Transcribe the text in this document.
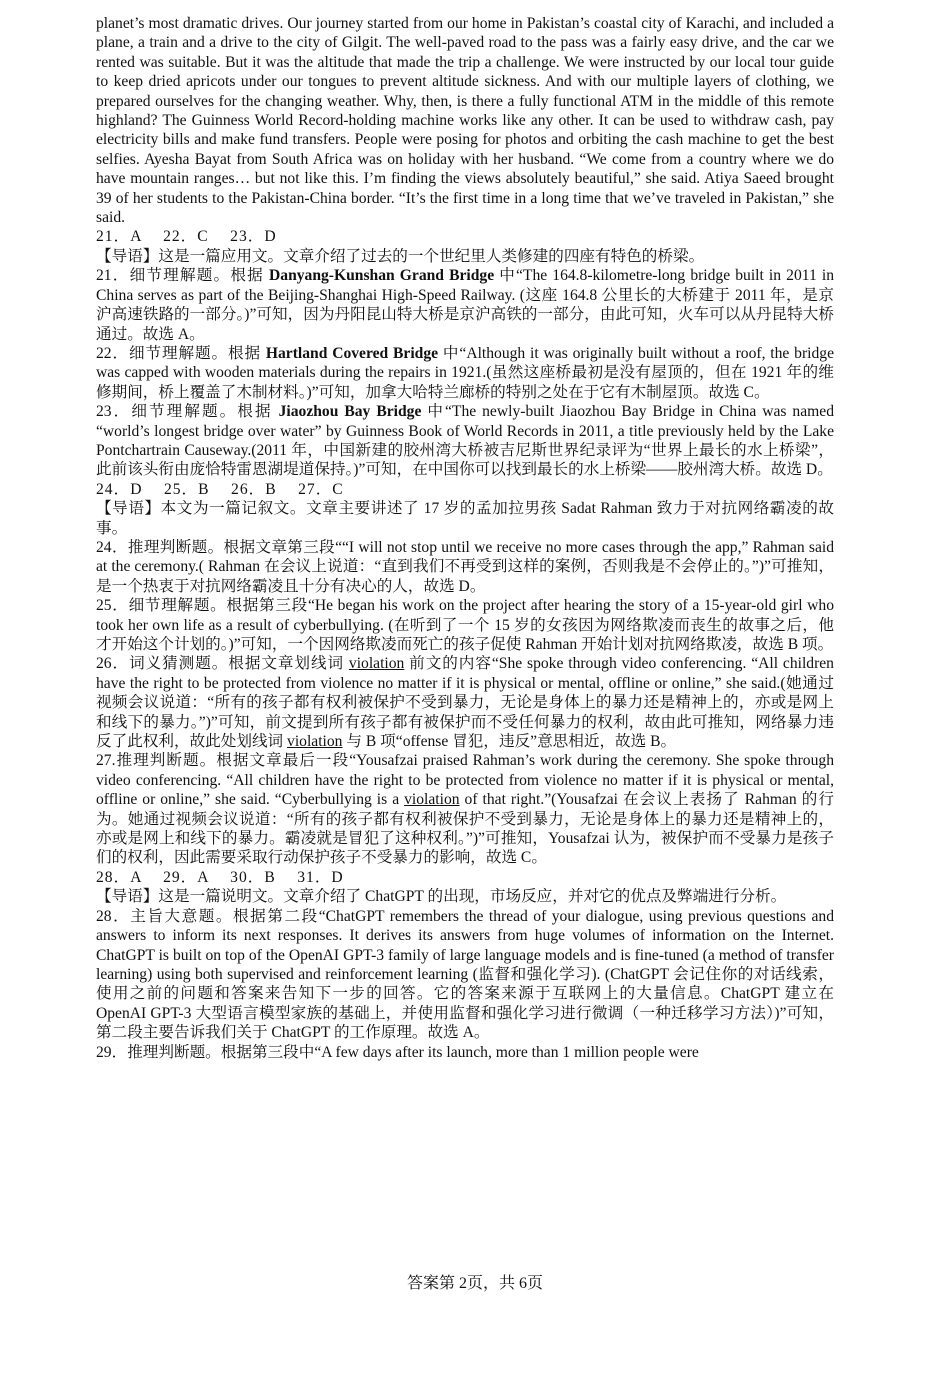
planet’s most dramatic drives. Our journey started from our home in Pakistan’s coastal city of Karachi, and included a plane, a train and a drive to the city of Gilgit. The well-paved road to the pass was a fairly easy drive, and the car we rented was suitable. But it was the altitude that made the trip a challenge. We were instructed by our local tour guide to keep dried apricots under our tongues to prevent altitude sickness. And with our multiple layers of clothing, we prepared ourselves for the changing weather. Why, then, is there a fully functional ATM in the middle of this remote highland? The Guinness World Record-holding machine works like any other. It can be used to withdraw cash, pay electricity bills and make fund transfers. People were posing for photos and orbiting the cash machine to get the best selfies. Ayesha Bayat from South Africa was on holiday with her husband. “We come from a country where we do have mountain ranges… but not like this. I’m finding the views absolutely beautiful,” she said. Atiya Saeed brought 39 of her students to the Pakistan-China border. “It’s the first time in a long time that we’ve traveled in Pakistan,” she said.

21．A　 22．C　 23．D

【导语】这是一篇应用文。文章介绍了过去的一个世纪里人类修建的四座有特色的桥梁。

21．细节理解题。根据 Danyang-Kunshan Grand Bridge 中“The 164.8-kilometre-long bridge built in 2011 in China serves as part of the Beijing-Shanghai High-Speed Railway. (这座 164.8 公里长的大桥建于 2011 年，是京沪高速铁路的一部分。)”可知，因为丹阳昆山特大桥是京沪高铁的一部分，由此可知，火车可以从丹昆特大桥通过。故选 A。

22．细节理解题。根据 Hartland Covered Bridge 中“Although it was originally built without a roof, the bridge was capped with wooden materials during the repairs in 1921.(虽然这座桥最初是没有屋顶的，但在 1921 年的维修期间，桥上覆盖了木制材料。)”可知，加拿大哈特兰廊桥的特别之处在于它有木制屋顶。故选 C。

23．细节理解题。根据 Jiaozhou Bay Bridge 中“The newly-built Jiaozhou Bay Bridge in China was named “world’s longest bridge over water” by Guinness Book of World Records in 2011, a title previously held by the Lake Pontchartrain Causeway.(2011 年，中国新建的胶州湾大桥被吉尼斯世界纪录评为“世界上最长的水上桥梁”，此前该头衔由庞恰特雷恩湖堤道保持。)”可知，在中国你可以找到最长的水上桥梁——胶州湾大桥。故选 D。

24．D　 25．B　 26．B　 27．C

【导语】本文为一篇记叙文。文章主要讲述了 17 岁的孟加拉男孩 Sadat Rahman 致力于对抗网络霸凌的故事。

24．推理判断题。根据文章第三段““I will not stop until we receive no more cases through the app,” Rahman said at the ceremony.( Rahman 在会议上说道：“直到我们不再受到这样的案例，否则我是不会停止的。”)”可推知，是一个热衷于对抗网络霸凌且十分有决心的人，故选 D。

25．细节理解题。根据第三段“He began his work on the project after hearing the story of a 15-year-old girl who took her own life as a result of cyberbullying. (在听到了一个 15 岁的女孩因为网络欺凌而丧生的故事之后，他才开始这个计划的。)”可知，一个因网络欺凌而死亡的孩子促使 Rahman 开始计划对抗网络欺凌，故选 B 项。

26．词义猜测题。根据文章划线词 violation 前文的内容“She spoke through video conferencing. “All children have the right to be protected from violence no matter if it is physical or mental, offline or online,” she said.(她通过视频会议说道：“所有的孩子都有权利被保护不受到暴力，无论是身体上的暴力还是精神上的，亦或是网上和线下的暴力。”)”可知，前文提到所有孩子都有被保护而不受任何暴力的权利，故由此可推知，网络暴力违反了此权利，故此处划线词 violation 与 B 项“offense 冒犯，违反”意思相近，故选 B。

27.推理判断题。根据文章最后一段“Yousafzai praised Rahman’s work during the ceremony. She spoke through video conferencing. “All children have the right to be protected from violence no matter if it is physical or mental, offline or online,” she said. “Cyberbullying is a violation of that right.”(Yousafzai 在会议上表扬了 Rahman 的行为。她通过视频会议说道：“所有的孩子都有权利被保护不受到暴力，无论是身体上的暴力还是精神上的，亦或是网上和线下的暴力。霸凌就是冒犯了这种权利。”)”可推知，Yousafzai 认为，被保护而不受暴力是孩子们的权利，因此需要采取行动保护孩子不受暴力的影响，故选 C。

28．A　 29．A　 30．B　 31．D

【导语】这是一篇说明文。文章介绍了 ChatGPT 的出现，市场反应，并对它的优点及弊端进行分析。

28．主旨大意题。根据第二段“ChatGPT remembers the thread of your dialogue, using previous questions and answers to inform its next responses. It derives its answers from huge volumes of information on the Internet. ChatGPT is built on top of the OpenAI GPT-3 family of large language models and is fine-tuned (a method of transfer learning) using both supervised and reinforcement learning (监督和强化学习). (ChatGPT 会记住你的对话线索，使用之前的问题和答案来告知下一步的回答。它的答案来源于互联网上的大量信息。ChatGPT 建立在 OpenAI GPT-3 大型语言模型家族的基础上，并使用监督和强化学习进行微调（一种迁移学习方法）)”可知，第二段主要告诉我们关于 ChatGPT 的工作原理。故选 A。

29．推理判断题。根据第三段中“A few days after its launch, more than 1 million people were

答案第 2页，共 6页
